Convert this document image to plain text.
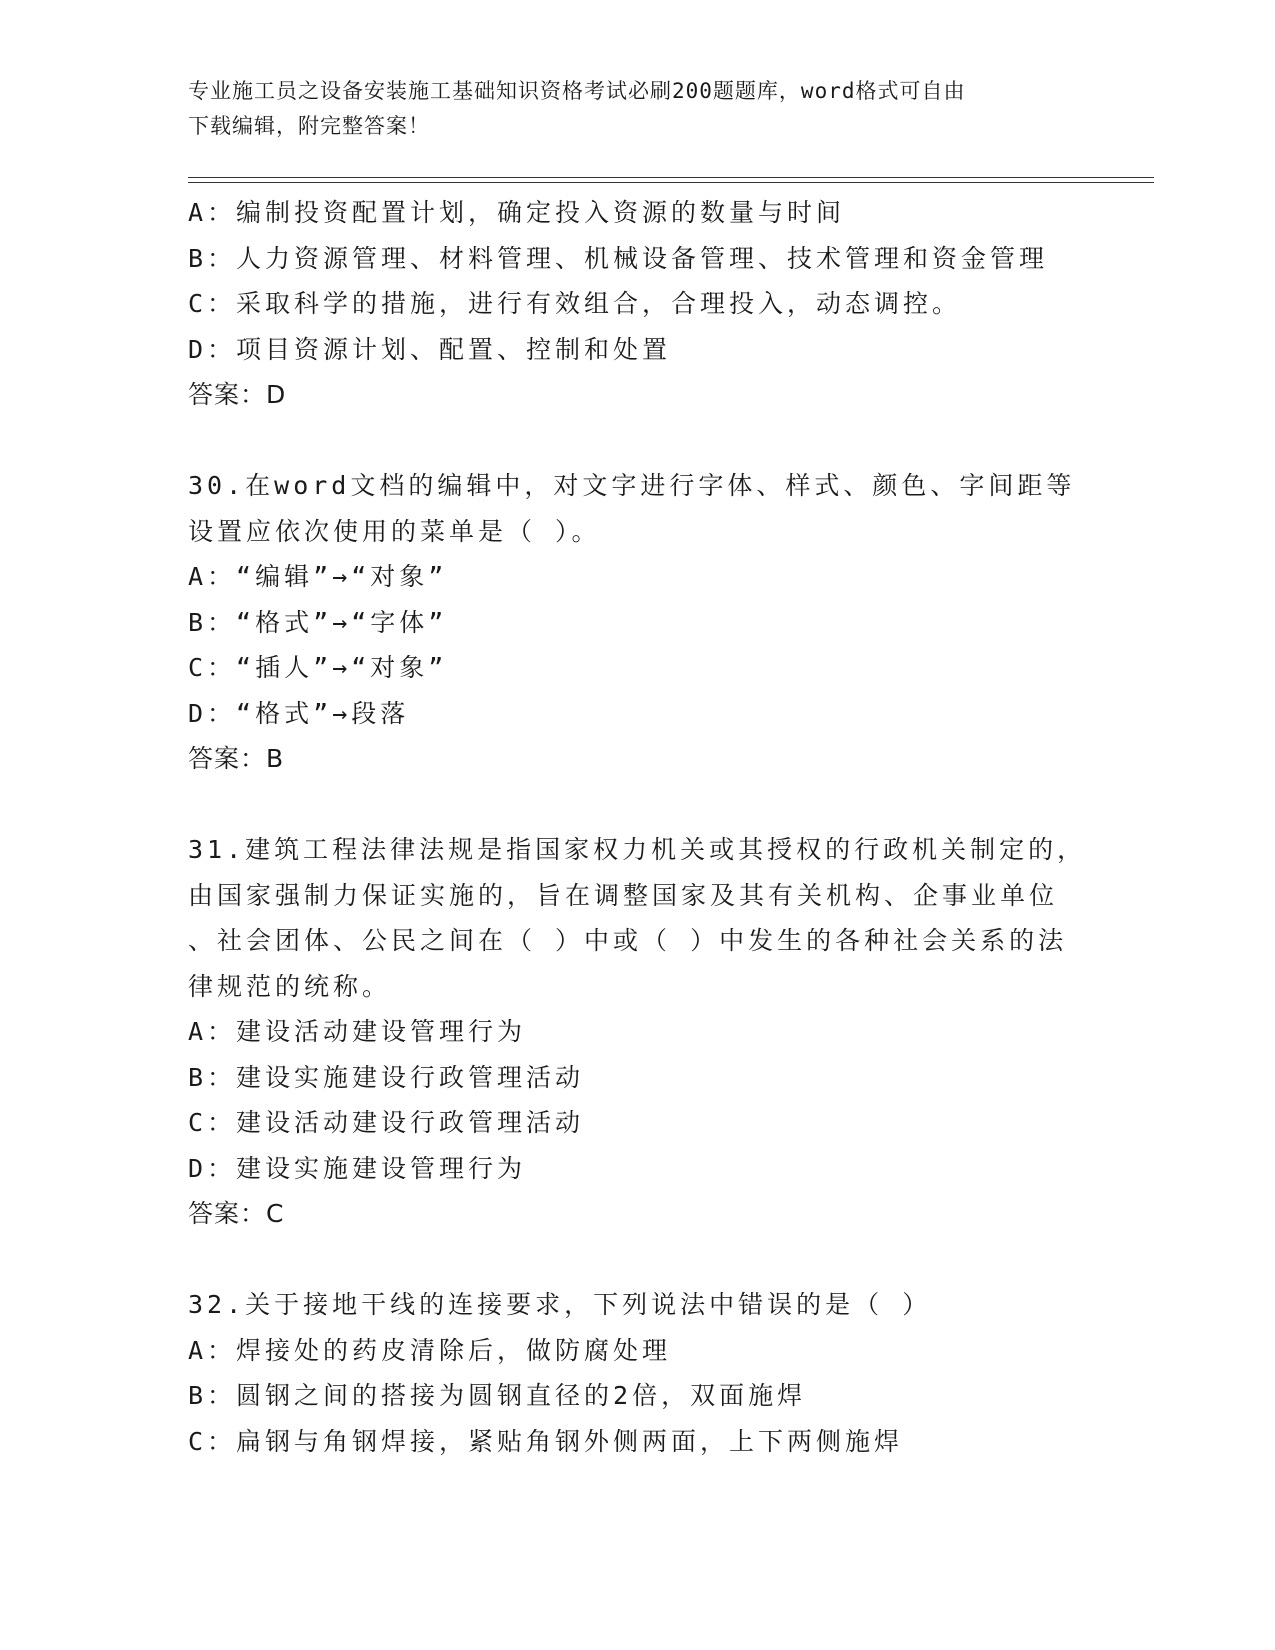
专业施工员之设备安装施工基础知识资格考试必刷200题题库，word格式可自由
下载编辑，附完整答案！

A：编制投资配置计划，确定投入资源的数量与时间

B：人力资源管理、材料管理、机械设备管理、技术管理和资金管理

C：采取科学的措施，进行有效组合，合理投入，动态调控。

D：项目资源计划、配置、控制和处置

答案：D

30.在word文档的编辑中，对文字进行字体、样式、颜色、字间距等

设置应依次使用的菜单是（ ）。

A：“编辑”→“对象”

B：“格式”→“字体”

C：“插人”→“对象”

D：“格式”→段落

答案：B

31.建筑工程法律法规是指国家权力机关或其授权的行政机关制定的，

由国家强制力保证实施的，旨在调整国家及其有关机构、企事业单位

、社会团体、公民之间在（ ）中或（ ）中发生的各种社会关系的法

律规范的统称。

A：建设活动建设管理行为

B：建设实施建设行政管理活动

C：建设活动建设行政管理活动

D：建设实施建设管理行为

答案：C

32.关于接地干线的连接要求，下列说法中错误的是（ ）

A：焊接处的药皮清除后，做防腐处理

B：圆钢之间的搭接为圆钢直径的2倍，双面施焊

C：扁钢与角钢焊接，紧贴角钢外侧两面，上下两侧施焊
